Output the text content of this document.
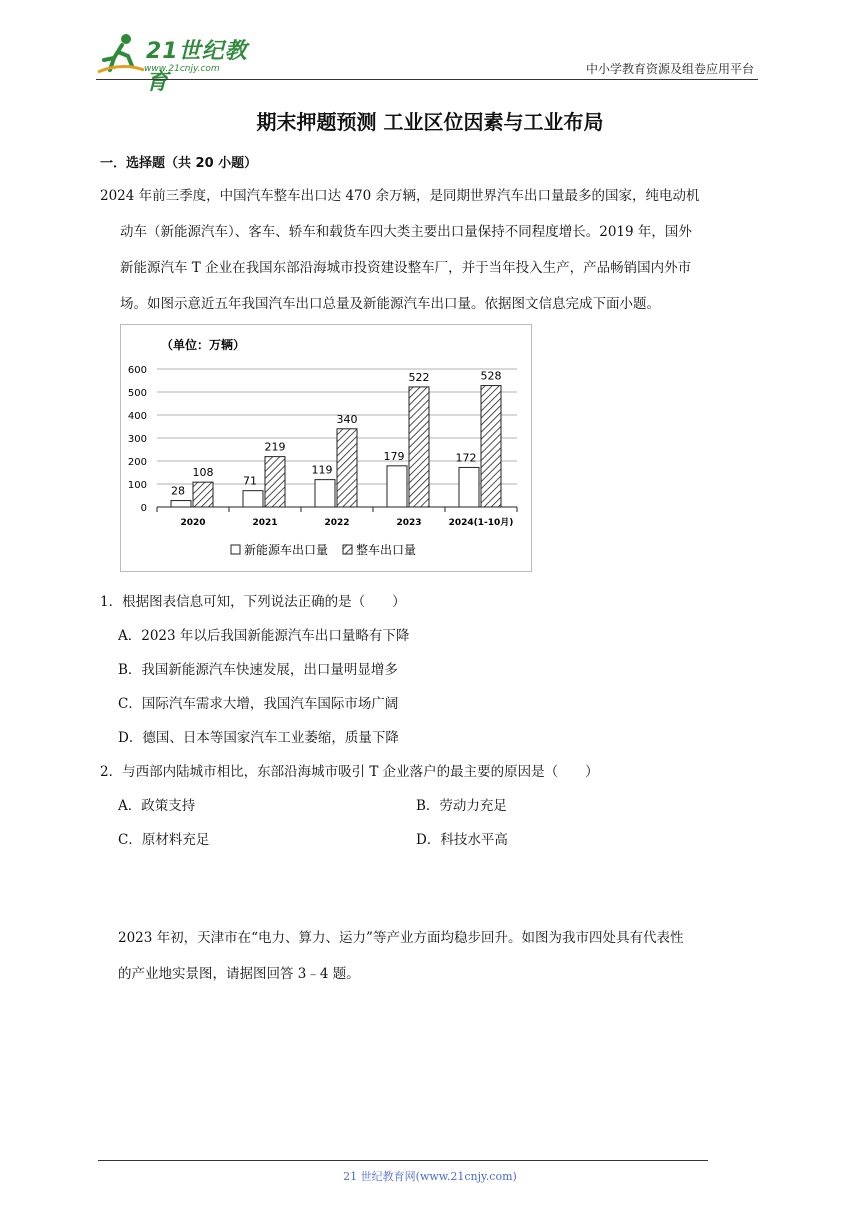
21世纪教育
www.21cnjy.com	中小学教育资源及组卷应用平台
期末押题预测 工业区位因素与工业布局
一．选择题（共 20 小题）
2024 年前三季度，中国汽车整车出口达 470 余万辆，是同期世界汽车出口量最多的国家，纯电动机
动车（新能源汽车）、客车、轿车和载货车四大类主要出口量保持不同程度增长。2019 年，国外
新能源汽车 T 企业在我国东部沿海城市投资建设整车厂，并于当年投入生产，产品畅销国内外市
场。如图示意近五年我国汽车出口总量及新能源汽车出口量。依据图文信息完成下面小题。
（单位：万辆）
0
100
200
300
400
500
600
28
108
2020
71
219
2021
119
340
2022
179
522
2023
172
528
2024(1-10月)
新能源车出口量 整车出口量
1．根据图表信息可知，下列说法正确的是（　　）
A．2023 年以后我国新能源汽车出口量略有下降
B．我国新能源汽车快速发展，出口量明显增多
C．国际汽车需求大增，我国汽车国际市场广阔
D．德国、日本等国家汽车工业萎缩，质量下降
2．与西部内陆城市相比，东部沿海城市吸引 T 企业落户的最主要的原因是（　　）
A．政策支持	B．劳动力充足
C．原材料充足	D．科技水平高
2023 年初，天津市在“电力、算力、运力”等产业方面均稳步回升。如图为我市四处具有代表性
的产业地实景图，请据图回答 3﹣4 题。
21 世纪教育网(www.21cnjy.com)
